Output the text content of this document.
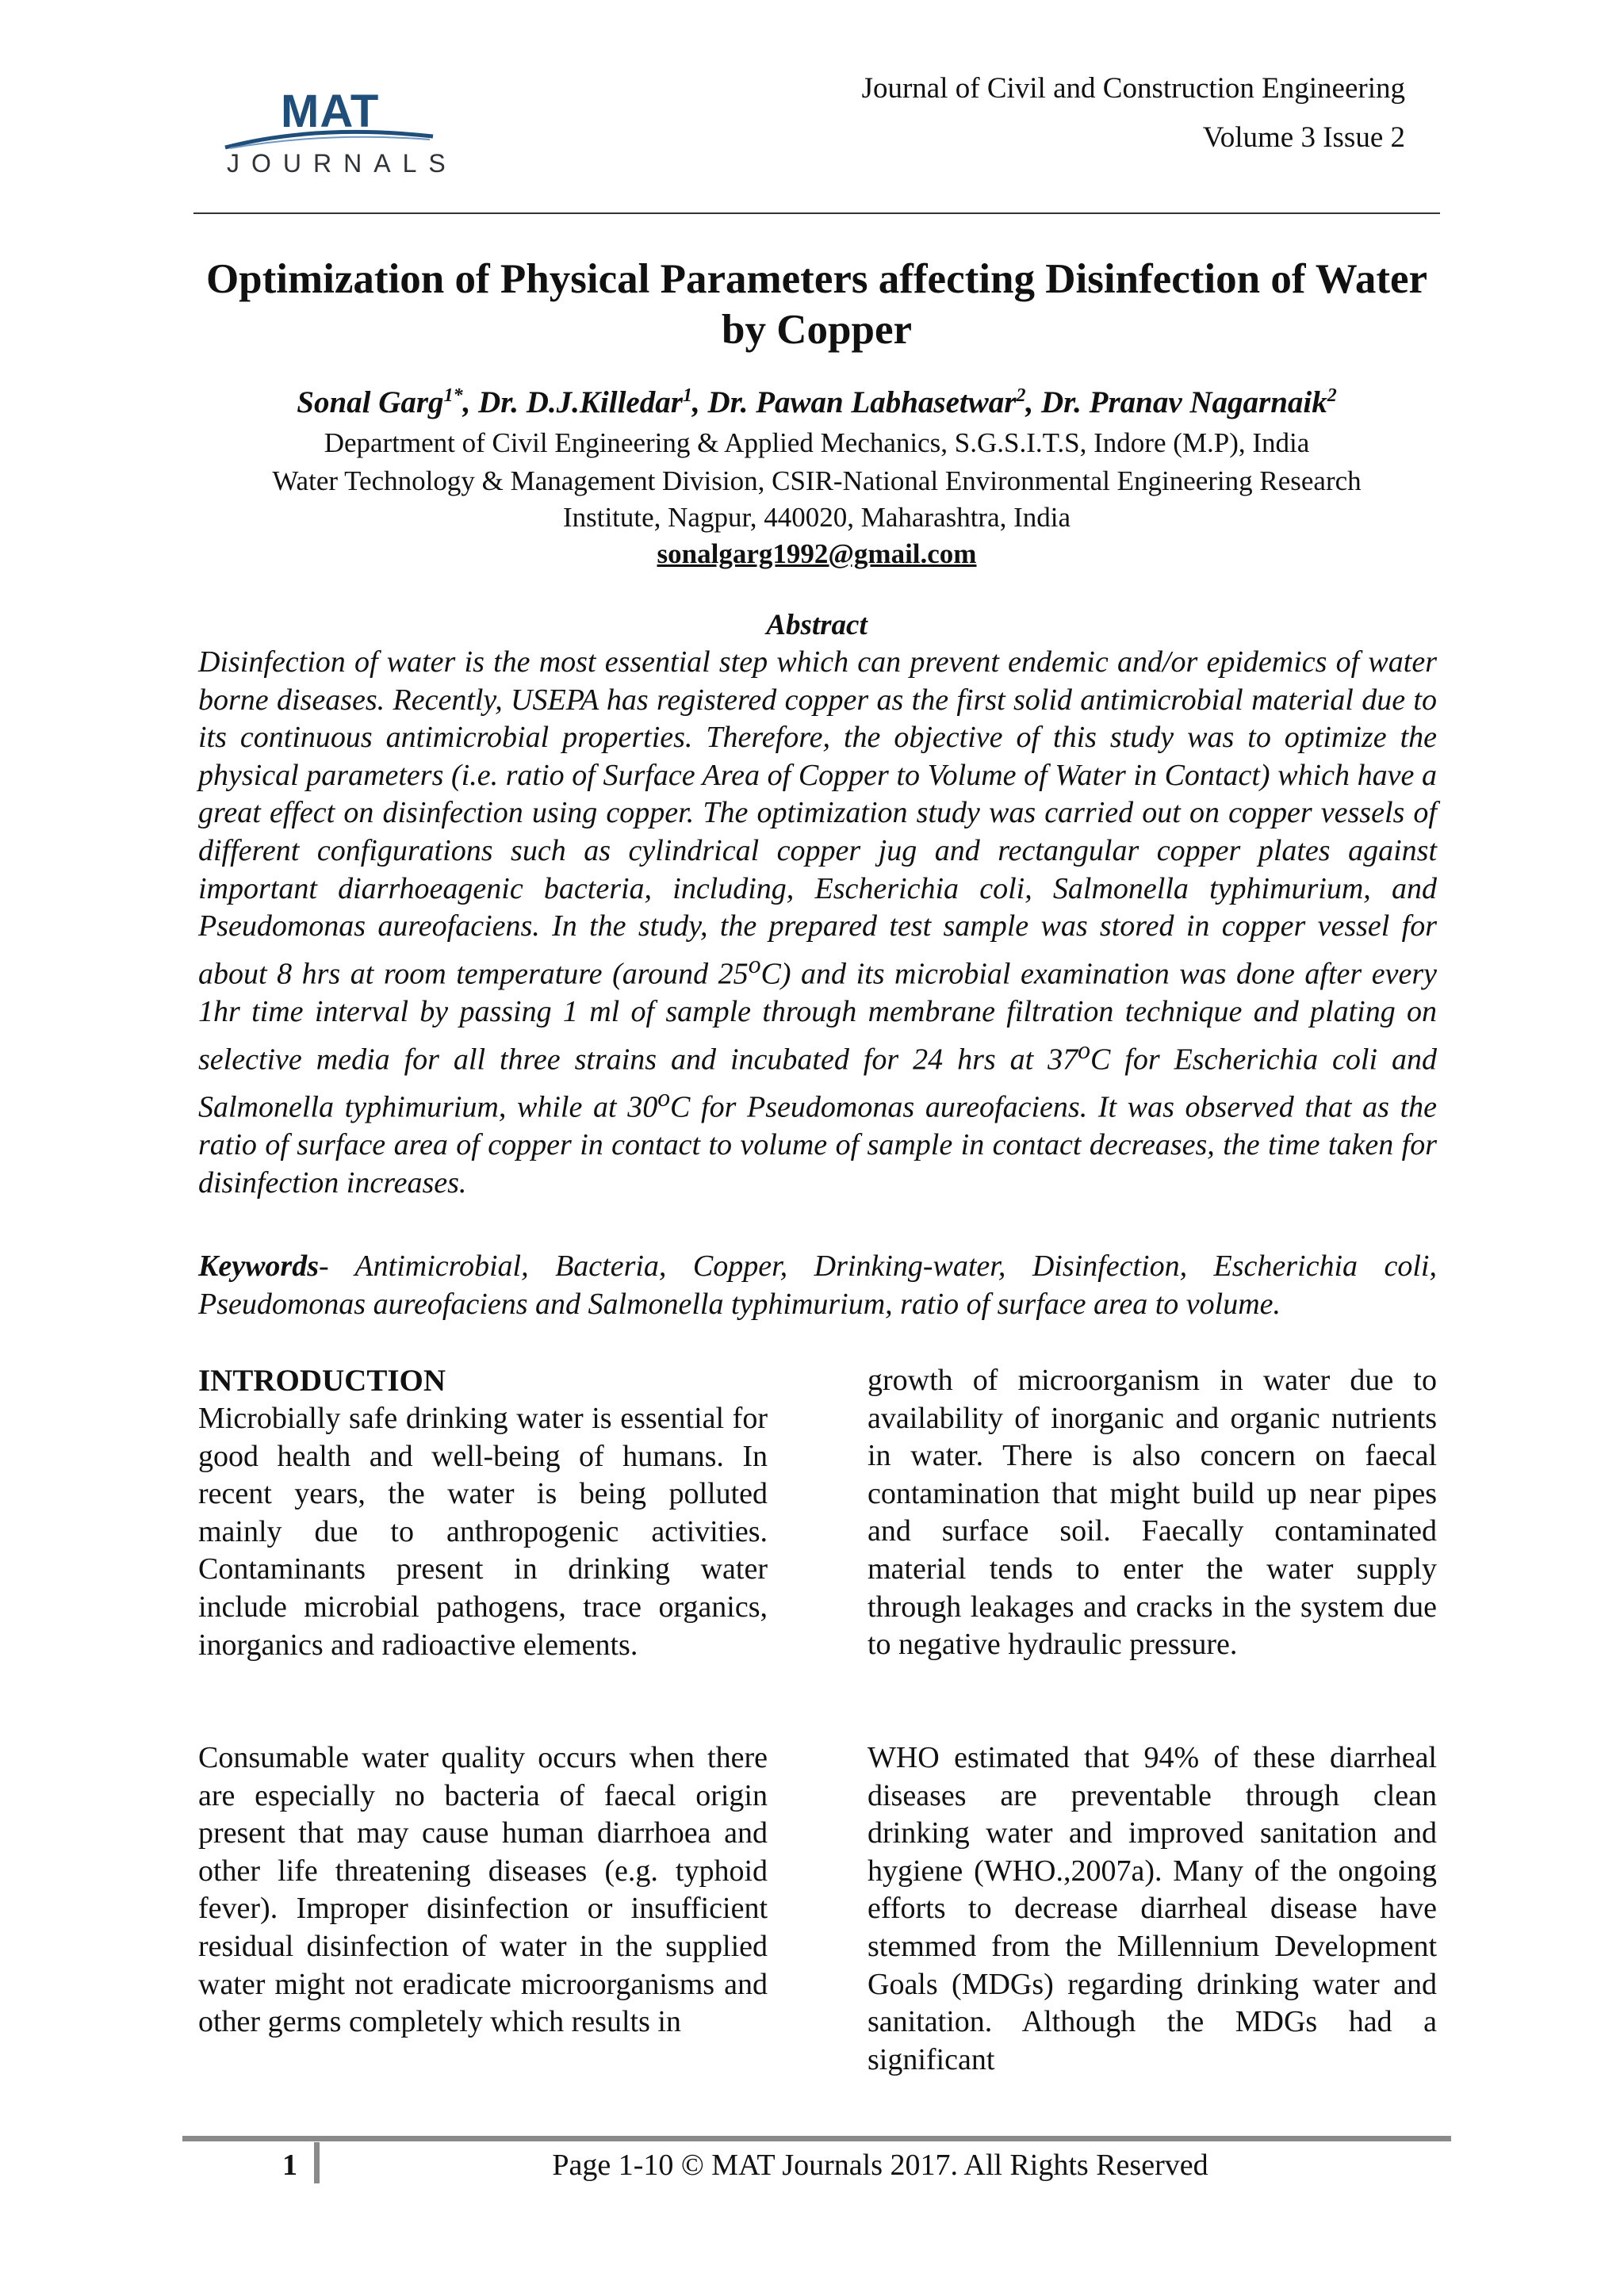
MAT
JOURNALS
Journal of Civil and Construction Engineering
Volume 3 Issue 2
Optimization of Physical Parameters affecting Disinfection of Water by Copper
Sonal Garg$^{1*}$, Dr. D.J.Killedar$^1$, Dr. Pawan Labhasetwar$^2$, Dr. Pranav Nagarnaik$^2$
Department of Civil Engineering & Applied Mechanics, S.G.S.I.T.S, Indore (M.P), India
Water Technology & Management Division, CSIR-National Environmental Engineering Research
Institute, Nagpur, 440020, Maharashtra, India
sonalgarg1992@gmail.com
Abstract

Disinfection of water is the most essential step which can prevent endemic and/or epidemics of water borne diseases. Recently, USEPA has registered copper as the first solid antimicrobial material due to its continuous antimicrobial properties. Therefore, the objective of this study was to optimize the physical parameters (i.e. ratio of Surface Area of Copper to Volume of Water in Contact) which have a great effect on disinfection using copper. The optimization study was carried out on copper vessels of different configurations such as cylindrical copper jug and rectangular copper plates against important diarrhoeagenic bacteria, including, Escherichia coli, Salmonella typhimurium, and Pseudomonas aureofaciens. In the study, the prepared test sample was stored in copper vessel for about 8 hrs at room temperature (around 25$^o$C) and its microbial examination was done after every 1hr time interval by passing 1 ml of sample through membrane filtration technique and plating on selective media for all three strains and incubated for 24 hrs at 37$^o$C for Escherichia coli and Salmonella typhimurium, while at 30$^o$C for Pseudomonas aureofaciens. It was observed that as the ratio of surface area of copper in contact to volume of sample in contact decreases, the time taken for disinfection increases.

Keywords- Antimicrobial, Bacteria, Copper, Drinking-water, Disinfection, Escherichia coli, Pseudomonas aureofaciens and Salmonella typhimurium, ratio of surface area to volume.

INTRODUCTION

Microbially safe drinking water is essential for good health and well-being of humans. In recent years, the water is being polluted mainly due to anthropogenic activities. Contaminants present in drinking water include microbial pathogens, trace organics, inorganics and radioactive elements.

Consumable water quality occurs when there are especially no bacteria of faecal origin present that may cause human diarrhoea and other life threatening diseases (e.g. typhoid fever). Improper disinfection or insufficient residual disinfection of water in the supplied water might not eradicate microorganisms and other germs completely which results in

growth of microorganism in water due to availability of inorganic and organic nutrients in water. There is also concern on faecal contamination that might build up near pipes and surface soil. Faecally contaminated material tends to enter the water supply through leakages and cracks in the system due to negative hydraulic pressure.

WHO estimated that 94% of these diarrheal diseases are preventable through clean drinking water and improved sanitation and hygiene (WHO.,2007a). Many of the ongoing efforts to decrease diarrheal disease have stemmed from the Millennium Development Goals (MDGs) regarding drinking water and sanitation. Although the MDGs had a significant

1	Page 1-10 © MAT Journals 2017. All Rights Reserved
